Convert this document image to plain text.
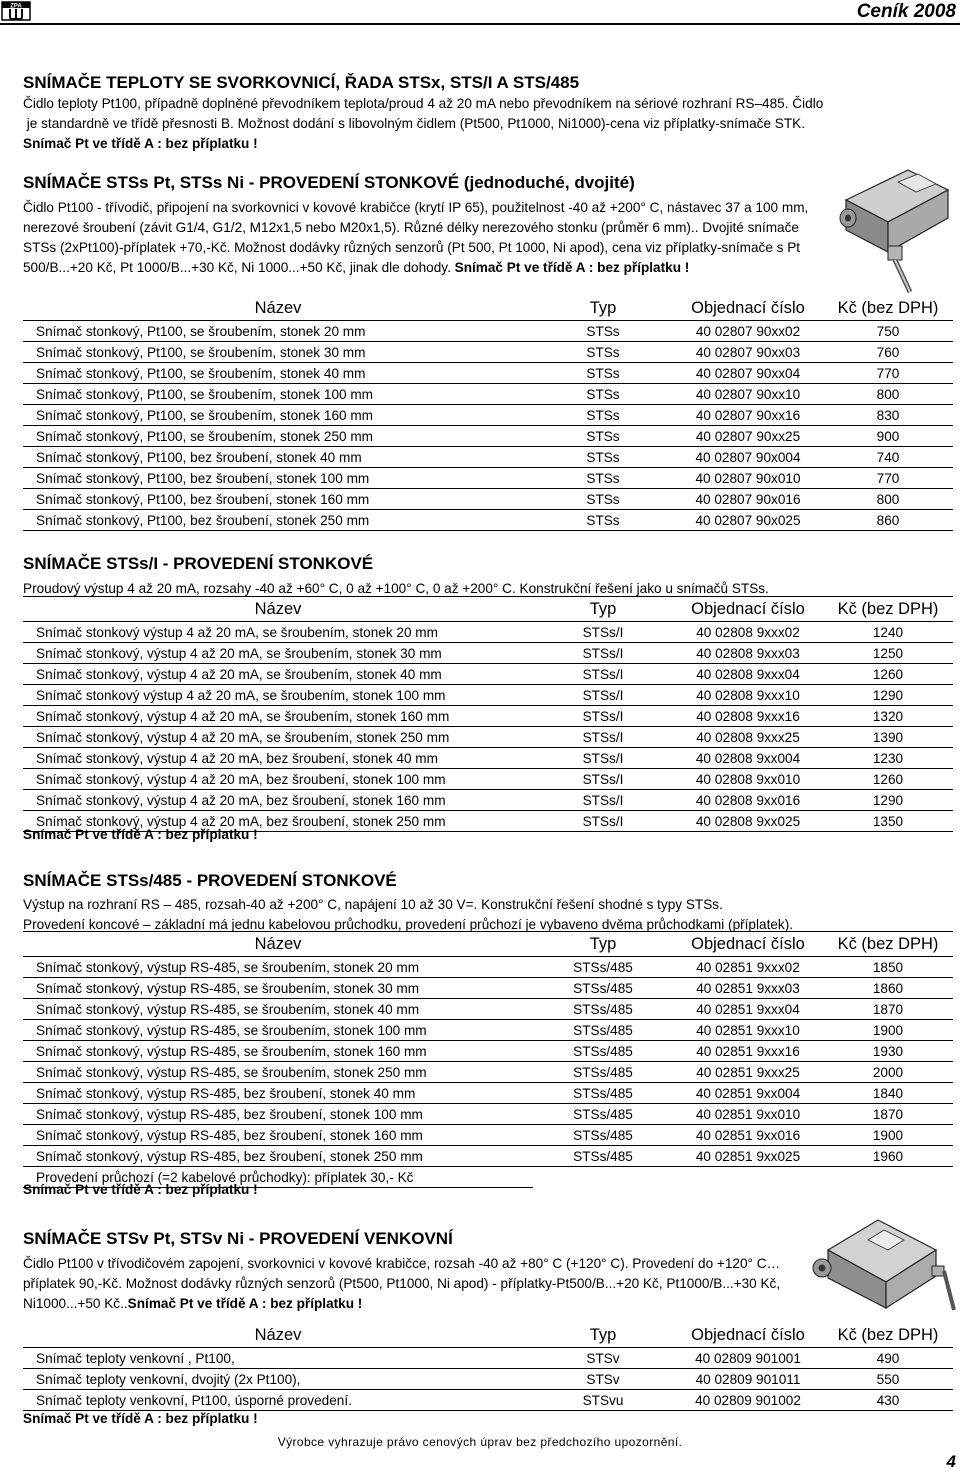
ZPA	Ceník 2008
SNÍMAČE TEPLOTY SE SVORKOVNICÍ, ŘADA STSx, STS/I A STS/485
Čidlo teploty Pt100, případně doplněné převodníkem teplota/proud 4 až 20 mA nebo převodníkem na sériové rozhraní RS–485. Čidlo
je standardně ve třídě přesnosti B. Možnost dodání s libovolným čidlem (Pt500, Pt1000, Ni1000)-cena viz příplatky-snímače STK.
Snímač Pt ve třídě A : bez příplatku !
SNÍMAČE STSs Pt, STSs Ni - PROVEDENÍ STONKOVÉ (jednoduché, dvojité)
Čidlo Pt100 - třívodič, připojení na svorkovnici v kovové krabičce (krytí IP 65), použitelnost -40 až +200° C, nástavec 37 a 100 mm, nerezové šroubení (závit G1/4, G1/2, M12x1,5 nebo M20x1,5). Různé délky nerezového stonku (průměr 6 mm).. Dvojité snímače STSs (2xPt100)-příplatek +70,-Kč. Možnost dodávky různých senzorů (Pt 500, Pt 1000, Ni apod), cena viz příplatky-snímače s Pt 500/B...+20 Kč, Pt 1000/B...+30 Kč, Ni 1000...+50 Kč, jinak dle dohody. Snímač Pt ve třídě A : bez příplatku !
Název	Typ	Objednací číslo	Kč (bez DPH)
Snímač stonkový, Pt100, se šroubením, stonek 20 mm	STSs	40 02807 90xx02	750
Snímač stonkový, Pt100, se šroubením, stonek 30 mm	STSs	40 02807 90xx03	760
Snímač stonkový, Pt100, se šroubením, stonek 40 mm	STSs	40 02807 90xx04	770
Snímač stonkový, Pt100, se šroubením, stonek 100 mm	STSs	40 02807 90xx10	800
Snímač stonkový, Pt100, se šroubením, stonek 160 mm	STSs	40 02807 90xx16	830
Snímač stonkový, Pt100, se šroubením, stonek 250 mm	STSs	40 02807 90xx25	900
Snímač stonkový, Pt100, bez šroubení, stonek 40 mm	STSs	40 02807 90x004	740
Snímač stonkový, Pt100, bez šroubení, stonek 100 mm	STSs	40 02807 90x010	770
Snímač stonkový, Pt100, bez šroubení, stonek 160 mm	STSs	40 02807 90x016	800
Snímač stonkový, Pt100, bez šroubení, stonek 250 mm	STSs	40 02807 90x025	860
SNÍMAČE STSs/I - PROVEDENÍ STONKOVÉ
Proudový výstup 4 až 20 mA, rozsahy -40 až +60° C, 0 až +100° C, 0 až +200° C. Konstrukční řešení jako u snímačů STSs.
Název	Typ	Objednací číslo	Kč (bez DPH)
Snímač stonkový výstup 4 až 20 mA, se šroubením, stonek 20 mm	STSs/I	40 02808 9xxx02	1240
Snímač stonkový, výstup 4 až 20 mA, se šroubením, stonek 30 mm	STSs/I	40 02808 9xxx03	1250
Snímač stonkový, výstup 4 až 20 mA, se šroubením, stonek 40 mm	STSs/I	40 02808 9xxx04	1260
Snímač stonkový výstup 4 až 20 mA, se šroubením, stonek 100 mm	STSs/I	40 02808 9xxx10	1290
Snímač stonkový, výstup 4 až 20 mA, se šroubením, stonek 160 mm	STSs/I	40 02808 9xxx16	1320
Snímač stonkový, výstup 4 až 20 mA, se šroubením, stonek 250 mm	STSs/I	40 02808 9xxx25	1390
Snímač stonkový, výstup 4 až 20 mA, bez šroubení, stonek 40 mm	STSs/I	40 02808 9xx004	1230
Snímač stonkový, výstup 4 až 20 mA, bez šroubení, stonek 100 mm	STSs/I	40 02808 9xx010	1260
Snímač stonkový, výstup 4 až 20 mA, bez šroubení, stonek 160 mm	STSs/I	40 02808 9xx016	1290
Snímač stonkový, výstup 4 až 20 mA, bez šroubení, stonek 250 mm	STSs/I	40 02808 9xx025	1350
Snímač Pt ve třídě A : bez příplatku !
SNÍMAČE STSs/485 - PROVEDENÍ STONKOVÉ
Výstup na rozhraní RS – 485, rozsah-40 až +200° C, napájení 10 až 30 V=. Konstrukční řešení shodné s typy STSs.
Provedení koncové – základní má jednu kabelovou průchodku, provedení průchozí je vybaveno dvěma průchodkami (příplatek).
Název	Typ	Objednací číslo	Kč (bez DPH)
Snímač stonkový, výstup RS-485, se šroubením, stonek 20 mm	STSs/485	40 02851 9xxx02	1850
Snímač stonkový, výstup RS-485, se šroubením, stonek 30 mm	STSs/485	40 02851 9xxx03	1860
Snímač stonkový, výstup RS-485, se šroubením, stonek 40 mm	STSs/485	40 02851 9xxx04	1870
Snímač stonkový, výstup RS-485, se šroubením, stonek 100 mm	STSs/485	40 02851 9xxx10	1900
Snímač stonkový, výstup RS-485, se šroubením, stonek 160 mm	STSs/485	40 02851 9xxx16	1930
Snímač stonkový, výstup RS-485, se šroubením, stonek 250 mm	STSs/485	40 02851 9xxx25	2000
Snímač stonkový, výstup RS-485, bez šroubení, stonek 40 mm	STSs/485	40 02851 9xx004	1840
Snímač stonkový, výstup RS-485, bez šroubení, stonek 100 mm	STSs/485	40 02851 9xx010	1870
Snímač stonkový, výstup RS-485, bez šroubení, stonek 160 mm	STSs/485	40 02851 9xx016	1900
Snímač stonkový, výstup RS-485, bez šroubení, stonek 250 mm	STSs/485	40 02851 9xx025	1960
Provedení průchozí (=2 kabelové průchodky): příplatek 30,- Kč			
Snímač Pt ve třídě A : bez příplatku !
SNÍMAČE STSv Pt, STSv Ni - PROVEDENÍ VENKOVNÍ
Čidlo Pt100 v třívodičovém zapojení, svorkovnici v kovové krabičce, rozsah -40 až +80° C (+120° C). Provedení do +120° C…příplatek 90,-Kč. Možnost dodávky různých senzorů (Pt500, Pt1000, Ni apod) - příplatky-Pt500/B...+20 Kč, Pt1000/B...+30 Kč, Ni1000...+50 Kč..Snímač Pt ve třídě A : bez příplatku !
Název	Typ	Objednací číslo	Kč (bez DPH)
Snímač teploty venkovní , Pt100,	STSv	40 02809 901001	490
Snímač teploty venkovní, dvojitý (2x Pt100),	STSv	40 02809 901011	550
Snímač teploty venkovní, Pt100, úsporné provedení.	STSvu	40 02809 901002	430
Snímač Pt ve třídě A : bez příplatku !
Výrobce vyhrazuje právo cenových úprav bez předchozího upozornění.
4
